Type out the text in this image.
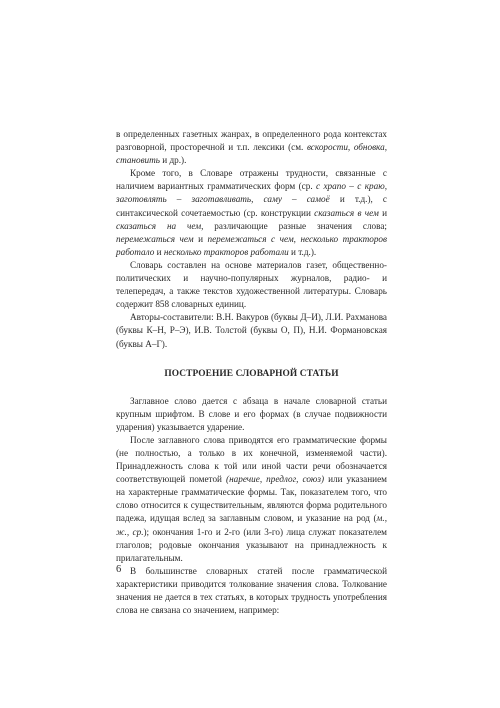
в определенных газетных жанрах, в определенного рода контекстах разговорной, просторечной и т.п. лексики (см. вскорости, обновка, становить и др.).

Кроме того, в Словаре отражены трудности, связанные с наличием вариантных грамматических форм (ср. с храпо – с краю, заготовлять – заготавливать, саму – самоё и т.д.), с синтаксической сочетаемостью (ср. конструкции сказаться в чем и сказаться на чем, различающие разные значения слова; перемежаться чем и перемежаться с чем, несколько тракторов работало и несколько тракторов работали и т.д.).

Словарь составлен на основе материалов газет, общественно-политических и научно-популярных журналов, радио- и телепередач, а также текстов художественной литературы. Словарь содержит 858 словарных единиц.

Авторы-составители: В.Н. Вакуров (буквы Д–И), Л.И. Рахманова (буквы К–Н, Р–Э), И.В. Толстой (буквы О, П), Н.И. Формановская (буквы А–Г).

ПОСТРОЕНИЕ СЛОВАРНОЙ СТАТЬИ

Заглавное слово дается с абзаца в начале словарной статьи крупным шрифтом. В слове и его формах (в случае подвижности ударения) указывается ударение.

После заглавного слова приводятся его грамматические формы (не полностью, а только в их конечной, изменяемой части). Принадлежность слова к той или иной части речи обозначается соответствующей пометой (наречие, предлог, союз) или указанием на характерные грамматические формы. Так, показателем того, что слово относится к существительным, являются форма родительного падежа, идущая вслед за заглавным словом, и указание на род (м., ж., ср.); окончания 1-го и 2-го (или 3-го) лица служат показателем глаголов; родовые окончания указывают на принадлежность к прилагательным.

В большинстве словарных статей после грамматической характеристики приводится толкование значения слова. Толкование значения не дается в тех статьях, в которых трудность употребления слова не связана со значением, например:

6
